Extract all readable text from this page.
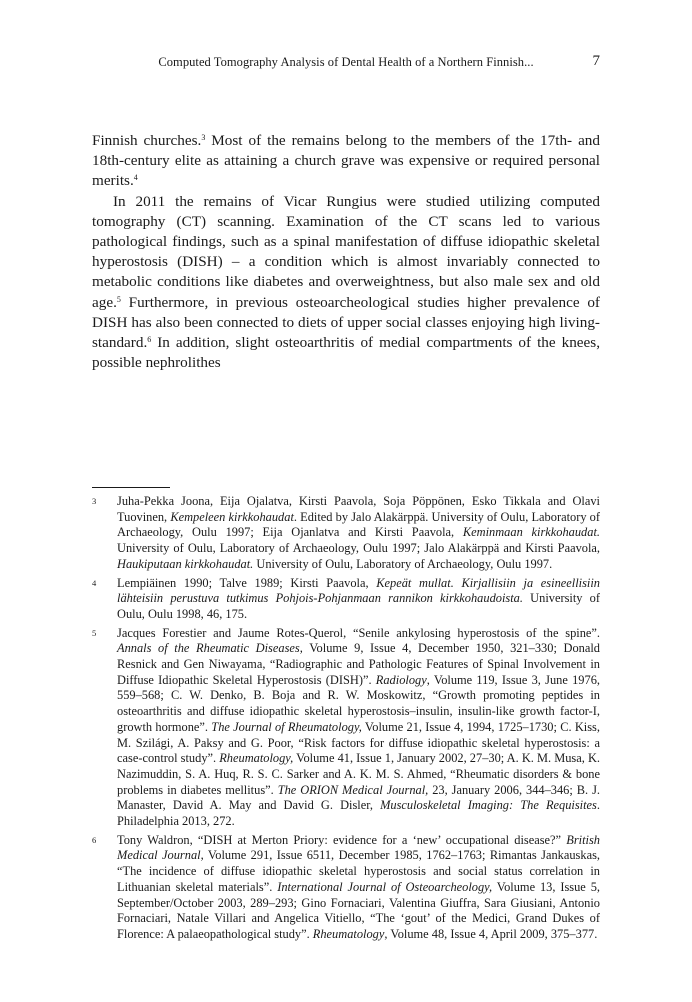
Computed Tomography Analysis of Dental Health of a Northern Finnish...	7

Finnish churches.$^3$ Most of the remains belong to the members of the 17th- and 18th-century elite as attaining a church grave was expensive or required personal merits.$^4$

In 2011 the remains of Vicar Rungius were studied utilizing computed tomography (CT) scanning. Examination of the CT scans led to various pathological findings, such as a spinal manifestation of diffuse idiopathic skeletal hyperostosis (DISH) – a condition which is almost invariably connected to metabolic conditions like diabetes and overweightness, but also male sex and old age.$^5$ Furthermore, in previous osteoarcheological studies higher prevalence of DISH has also been connected to diets of upper social classes enjoying high living-standard.$^6$ In addition, slight osteoarthritis of medial compartments of the knees, possible nephrolithes

3 Juha-Pekka Joona, Eija Ojalatva, Kirsti Paavola, Soja Pöppönen, Esko Tikkala and Olavi Tuovinen, Kempeleen kirkkohaudat. Edited by Jalo Alakärppä. University of Oulu, Laboratory of Archaeology, Oulu 1997; Eija Ojanlatva and Kirsti Paavola, Keminmaan kirkkohaudat. University of Oulu, Laboratory of Archaeology, Oulu 1997; Jalo Alakärppä and Kirsti Paavola, Haukiputaan kirkkohaudat. University of Oulu, Laboratory of Archaeology, Oulu 1997.
4 Lempiäinen 1990; Talve 1989; Kirsti Paavola, Kepeät mullat. Kirjallisiin ja esineellisiin lähteisiin perustuva tutkimus Pohjois-Pohjanmaan rannikon kirkkohaudoista. University of Oulu, Oulu 1998, 46, 175.
5 Jacques Forestier and Jaume Rotes-Querol, “Senile ankylosing hyperostosis of the spine”. Annals of the Rheumatic Diseases, Volume 9, Issue 4, December 1950, 321–330; Donald Resnick and Gen Niwayama, “Radiographic and Pathologic Features of Spinal Involvement in Diffuse Idiopathic Skeletal Hyperostosis (DISH)”. Radiology, Volume 119, Issue 3, June 1976, 559–568; C. W. Denko, B. Boja and R. W. Moskowitz, “Growth promoting peptides in osteoarthritis and diffuse idiopathic skeletal hyperostosis–insulin, insulin-like growth factor-I, growth hormone”. The Journal of Rheumatology, Volume 21, Issue 4, 1994, 1725–1730; C. Kiss, M. Szilági, A. Paksy and G. Poor, “Risk factors for diffuse idiopathic skeletal hyperostosis: a case-control study”. Rheumatology, Volume 41, Issue 1, January 2002, 27–30; A. K. M. Musa, K. Nazimuddin, S. A. Huq, R. S. C. Sarker and A. K. M. S. Ahmed, “Rheumatic disorders & bone problems in diabetes mellitus”. The ORION Medical Journal, 23, January 2006, 344–346; B. J. Manaster, David A. May and David G. Disler, Musculoskeletal Imaging: The Requisites. Philadelphia 2013, 272.
6 Tony Waldron, “DISH at Merton Priory: evidence for a ‘new’ occupational disease?” British Medical Journal, Volume 291, Issue 6511, December 1985, 1762–1763; Rimantas Jankauskas, “The incidence of diffuse idiopathic skeletal hyperostosis and social status correlation in Lithuanian skeletal materials”. International Journal of Osteoarcheology, Volume 13, Issue 5, September/October 2003, 289–293; Gino Fornaciari, Valentina Giuffra, Sara Giusiani, Antonio Fornaciari, Natale Villari and Angelica Vitiello, “The ‘gout’ of the Medici, Grand Dukes of Florence: A palaeopathological study”. Rheumatology, Volume 48, Issue 4, April 2009, 375–377.
